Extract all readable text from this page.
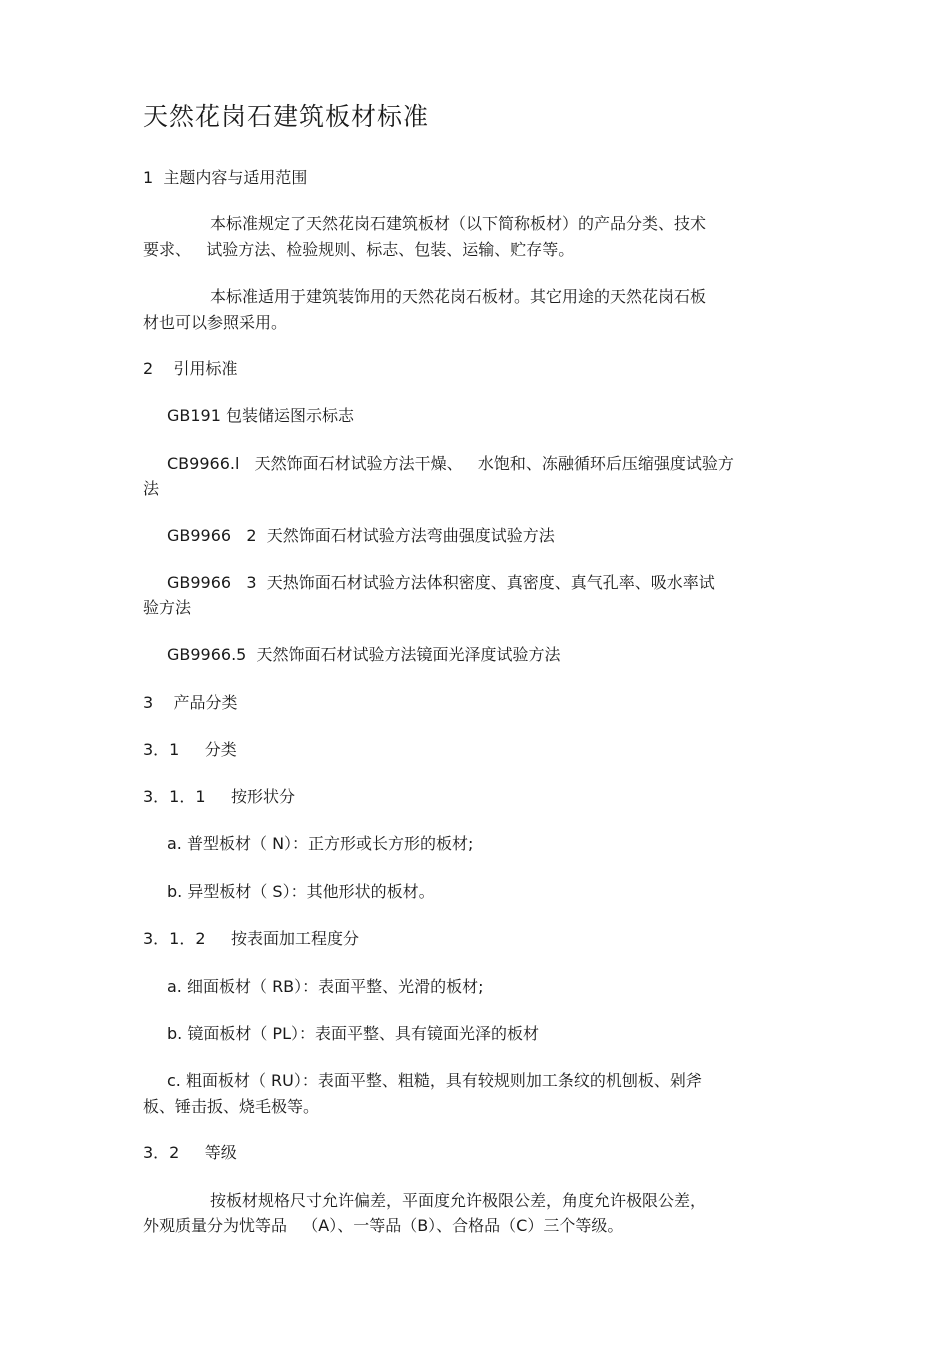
天然花岗石建筑板材标准
1  主题内容与适用范围
本标准规定了天然花岗石建筑板材（以下简称板材）的产品分类、技术
要求、   试验方法、检验规则、标志、包装、运输、贮存等。
本标准适用于建筑装饰用的天然花岗石板材。其它用途的天然花岗石板
材也可以参照采用。
2    引用标准
GB191 包装储运图示标志
CB9966.l   天然饰面石材试验方法干燥、   水饱和、冻融循环后压缩强度试验方
法
GB9966   2  天然饰面石材试验方法弯曲强度试验方法
GB9966   3  天热饰面石材试验方法体积密度、真密度、真气孔率、吸水率试
验方法
GB9966.5  天然饰面石材试验方法镜面光泽度试验方法
3    产品分类
3．1     分类
3．1．1     按形状分
a. 普型板材（ N）：正方形或长方形的板材;
b. 异型板材（ S）：其他形状的板材。
3．1．2     按表面加工程度分
a. 细面板材（ RB）：表面平整、光滑的板材;
b. 镜面板材（ PL）：表面平整、具有镜面光泽的板材
c. 粗面板材（ RU）：表面平整、粗糙，具有较规则加工条纹的机刨板、剁斧
板、锤击扳、烧毛极等。
3．2     等级
按板材规格尺寸允许偏差，平面度允许极限公差，角度允许极限公差，
外观质量分为忧等品   （A）、一等品（B）、合格品（C）三个等级。
